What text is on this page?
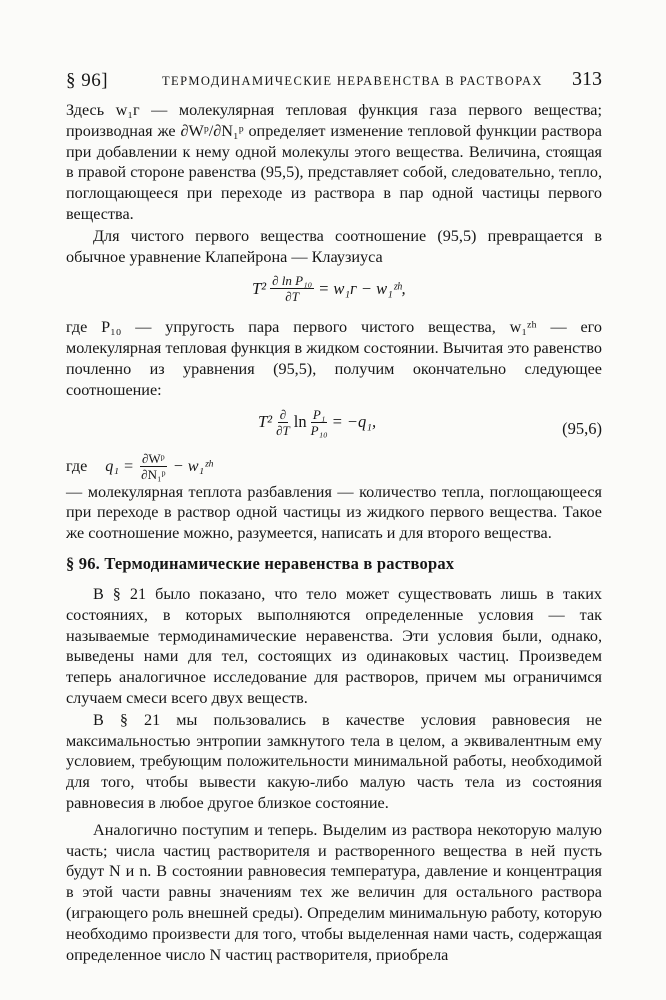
§ 96]	ТЕРМОДИНАМИЧЕСКИЕ НЕРАВЕНСТВА В РАСТВОРАХ 313

Здесь w₁ᴦ — молекулярная тепловая функция газа первого вещества; производная же ∂Wᵖ/∂N₁ᵖ определяет изменение тепловой функции раствора при добавлении к нему одной молекулы этого вещества. Величина, стоящая в правой стороне равенства (95,5), представляет собой, следовательно, тепло, поглощающееся при переходе из раствора в пар одной частицы первого вещества.

Для чистого первого вещества соотношение (95,5) превращается в обычное уравнение Клапейрона — Клаузиуса

$T^2 \frac{\text{∂ ln P₁₀}}{\partial T}$ = w₁ᴦ − w₁ᶻʰ,

где P₁₀ — упругость пара первого чистого вещества, w₁ᶻʰ — его молекулярная тепловая функция в жидком состоянии. Вычитая это равенство почленно из уравнения (95,5), получим окончательно следующее соотношение:

$T^2 \frac{\partial}{\partial T}$ $\ln \frac{\text{P₁}}{\text{P₁₀}} = -q_1$,	(95,6)
где $q_1 = \frac{\text{∂Wᵖ}}{\text{∂N₁ᵖ}}$ − w₁ᶻʰ

— молекулярная теплота разбавления — количество тепла, поглощающееся при переходе в раствор одной частицы из жидкого первого вещества. Такое же соотношение можно, разумеется, написать и для второго вещества.

§ 96. Термодинамические неравенства в растворах

В § 21 было показано, что тело может существовать лишь в таких состояниях, в которых выполняются определенные условия — так называемые термодинамические неравенства. Эти условия были, однако, выведены нами для тел, состоящих из одинаковых частиц. Произведем теперь аналогичное исследование для растворов, причем мы ограничимся случаем смеси всего двух веществ.

В § 21 мы пользовались в качестве условия равновесия не максимальностью энтропии замкнутого тела в целом, а эквивалентным ему условием, требующим положительности минимальной работы, необходимой для того, чтобы вывести какую-либо малую часть тела из состояния равновесия в любое другое близкое состояние.

Аналогично поступим и теперь. Выделим из раствора некоторую малую часть; числа частиц растворителя и растворенного вещества в ней пусть будут N и n. В состоянии равновесия температура, давление и концентрация в этой части равны значениям тех же величин для остального раствора (играющего роль внешней среды). Определим минимальную работу, которую необходимо произвести для того, чтобы выделенная нами часть, содержащая определенное число N частиц растворителя, приобрела
